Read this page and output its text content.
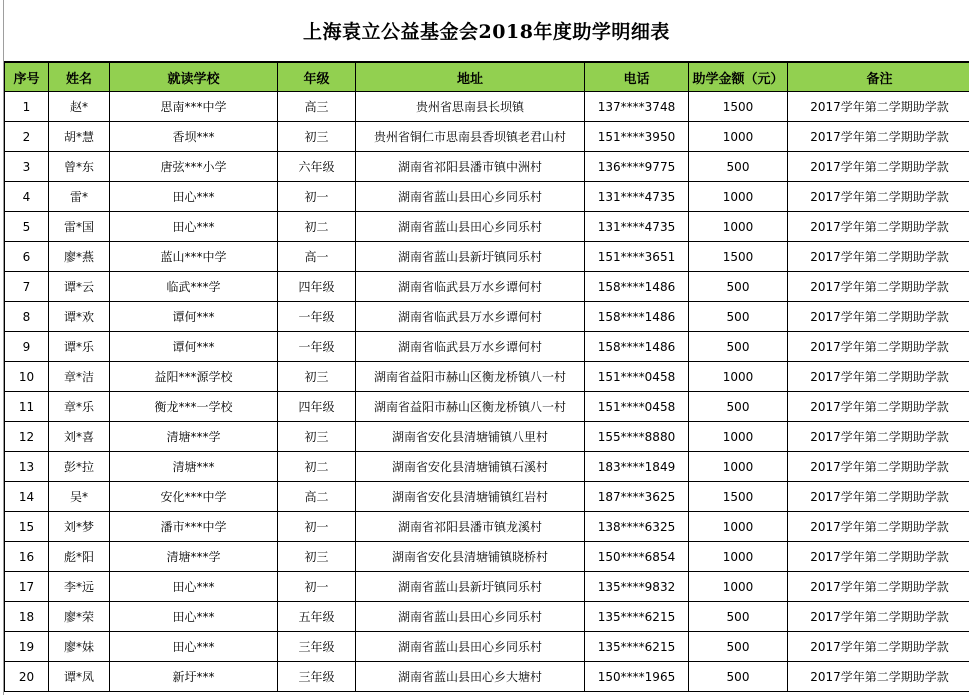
上海袁立公益基金会2018年度助学明细表
序号	姓名	就读学校	年级	地址	电话	助学金额（元）	备注
1	赵*	思南***中学	高三	贵州省思南县长坝镇	137****3748	1500	2017学年第二学期助学款
2	胡*慧	香坝***	初三	贵州省铜仁市思南县香坝镇老君山村	151****3950	1000	2017学年第二学期助学款
3	曾*东	唐弦***小学	六年级	湖南省祁阳县潘市镇中洲村	136****9775	500	2017学年第二学期助学款
4	雷*	田心***	初一	湖南省蓝山县田心乡同乐村	131****4735	1000	2017学年第二学期助学款
5	雷*国	田心***	初二	湖南省蓝山县田心乡同乐村	131****4735	1000	2017学年第二学期助学款
6	廖*燕	蓝山***中学	高一	湖南省蓝山县新圩镇同乐村	151****3651	1500	2017学年第二学期助学款
7	谭*云	临武***学	四年级	湖南省临武县万水乡谭何村	158****1486	500	2017学年第二学期助学款
8	谭*欢	谭何***	一年级	湖南省临武县万水乡谭何村	158****1486	500	2017学年第二学期助学款
9	谭*乐	谭何***	一年级	湖南省临武县万水乡谭何村	158****1486	500	2017学年第二学期助学款
10	章*洁	益阳***源学校	初三	湖南省益阳市赫山区衡龙桥镇八一村	151****0458	1000	2017学年第二学期助学款
11	章*乐	衡龙***一学校	四年级	湖南省益阳市赫山区衡龙桥镇八一村	151****0458	500	2017学年第二学期助学款
12	刘*喜	清塘***学	初三	湖南省安化县清塘铺镇八里村	155****8880	1000	2017学年第二学期助学款
13	彭*拉	清塘***	初二	湖南省安化县清塘铺镇石溪村	183****1849	1000	2017学年第二学期助学款
14	吴*	安化***中学	高二	湖南省安化县清塘铺镇红岩村	187****3625	1500	2017学年第二学期助学款
15	刘*梦	潘市***中学	初一	湖南省祁阳县潘市镇龙溪村	138****6325	1000	2017学年第二学期助学款
16	彪*阳	清塘***学	初三	湖南省安化县清塘铺镇晓桥村	150****6854	1000	2017学年第二学期助学款
17	李*远	田心***	初一	湖南省蓝山县新圩镇同乐村	135****9832	1000	2017学年第二学期助学款
18	廖*荣	田心***	五年级	湖南省蓝山县田心乡同乐村	135****6215	500	2017学年第二学期助学款
19	廖*妹	田心***	三年级	湖南省蓝山县田心乡同乐村	135****6215	500	2017学年第二学期助学款
20	谭*凤	新圩***	三年级	湖南省蓝山县田心乡大塘村	150****1965	500	2017学年第二学期助学款
